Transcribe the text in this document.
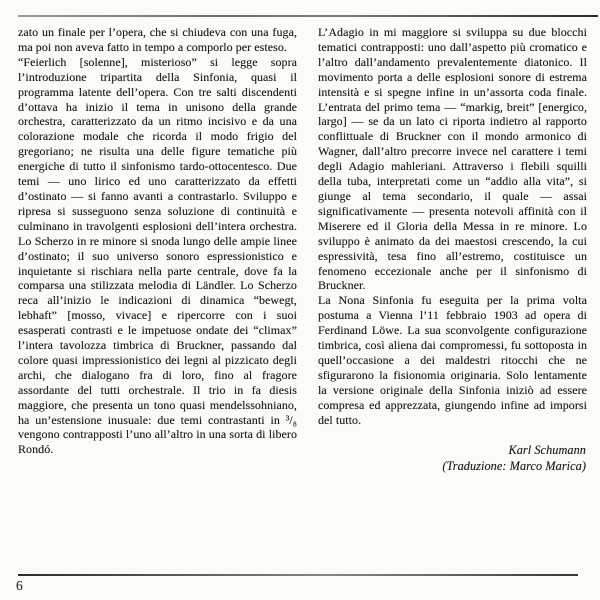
zato un finale per l’opera, che si chiudeva con una fuga, ma poi non aveva fatto in tempo a comporlo per esteso.
“Feierlich [solenne], misterioso” si legge sopra l’introduzione tripartita della Sinfonia, quasi il programma latente dell’opera. Con tre salti discendenti d’ottava ha inizio il tema in unisono della grande orchestra, caratterizzato da un ritmo incisivo e da una colorazione modale che ricorda il modo frigio del gregoriano; ne risulta una delle figure tematiche più energiche di tutto il sinfonismo tardo-ottocentesco. Due temi — uno lirico ed uno caratterizzato da effetti d’ostinato — si fanno avanti a contrastarlo. Sviluppo e ripresa si susseguono senza soluzione di continuità e culminano in travolgenti esplosioni dell’intera orchestra. Lo Scherzo in re minore si snoda lungo delle ampie linee d’ostinato; il suo universo sonoro espressionistico e inquietante si rischiara nella parte centrale, dove fa la comparsa una stilizzata melodia di Ländler. Lo Scherzo reca all’inizio le indicazioni di dinamica “bewegt, lebhaft” [mosso, vivace] e ripercorre con i suoi esasperati contrasti e le impetuose ondate dei “climax” l’intera tavolozza timbrica di Bruckner, passando dal colore quasi impressionistico dei legni al pizzicato degli archi, che dialogano fra di loro, fino al fragore assordante del tutti orchestrale. Il trio in fa diesis maggiore, che presenta un tono quasi mendelssohniano, ha un’estensione inusuale: due temi contrastanti in ³/₈ vengono contrapposti l’uno all’altro in una sorta di libero Rondó.
L’Adagio in mi maggiore si sviluppa su due blocchi tematici contrapposti: uno dall’aspetto più cromatico e l’altro dall’andamento prevalentemente diatonico. Il movimento porta a delle esplosioni sonore di estrema intensità e si spegne infine in un’assorta coda finale. L’entrata del primo tema — “markig, breit” [energico, largo] — se da un lato ci riporta indietro al rapporto conflittuale di Bruckner con il mondo armonico di Wagner, dall’altro precorre invece nel carattere i temi degli Adagio mahleriani. Attraverso i flebili squilli della tuba, interpretati come un “addio alla vita”, si giunge al tema secondario, il quale — assai significativamente — presenta notevoli affinità con il Miserere ed il Gloria della Messa in re minore. Lo sviluppo è animato da dei maestosi crescendo, la cui espressività, tesa fino all’estremo, costituisce un fenomeno eccezionale anche per il sinfonismo di Bruckner.
La Nona Sinfonia fu eseguita per la prima volta postuma a Vienna l’11 febbraio 1903 ad opera di Ferdinand Löwe. La sua sconvolgente configurazione timbrica, così aliena dai compromessi, fu sottoposta in quell’occasione a dei maldestri ritocchi che ne sfigurarono la fisionomia originaria. Solo lentamente la versione originale della Sinfonia iniziò ad essere compresa ed apprezzata, giungendo infine ad imporsi del tutto.
Karl Schumann
(Traduzione: Marco Marica)
6
